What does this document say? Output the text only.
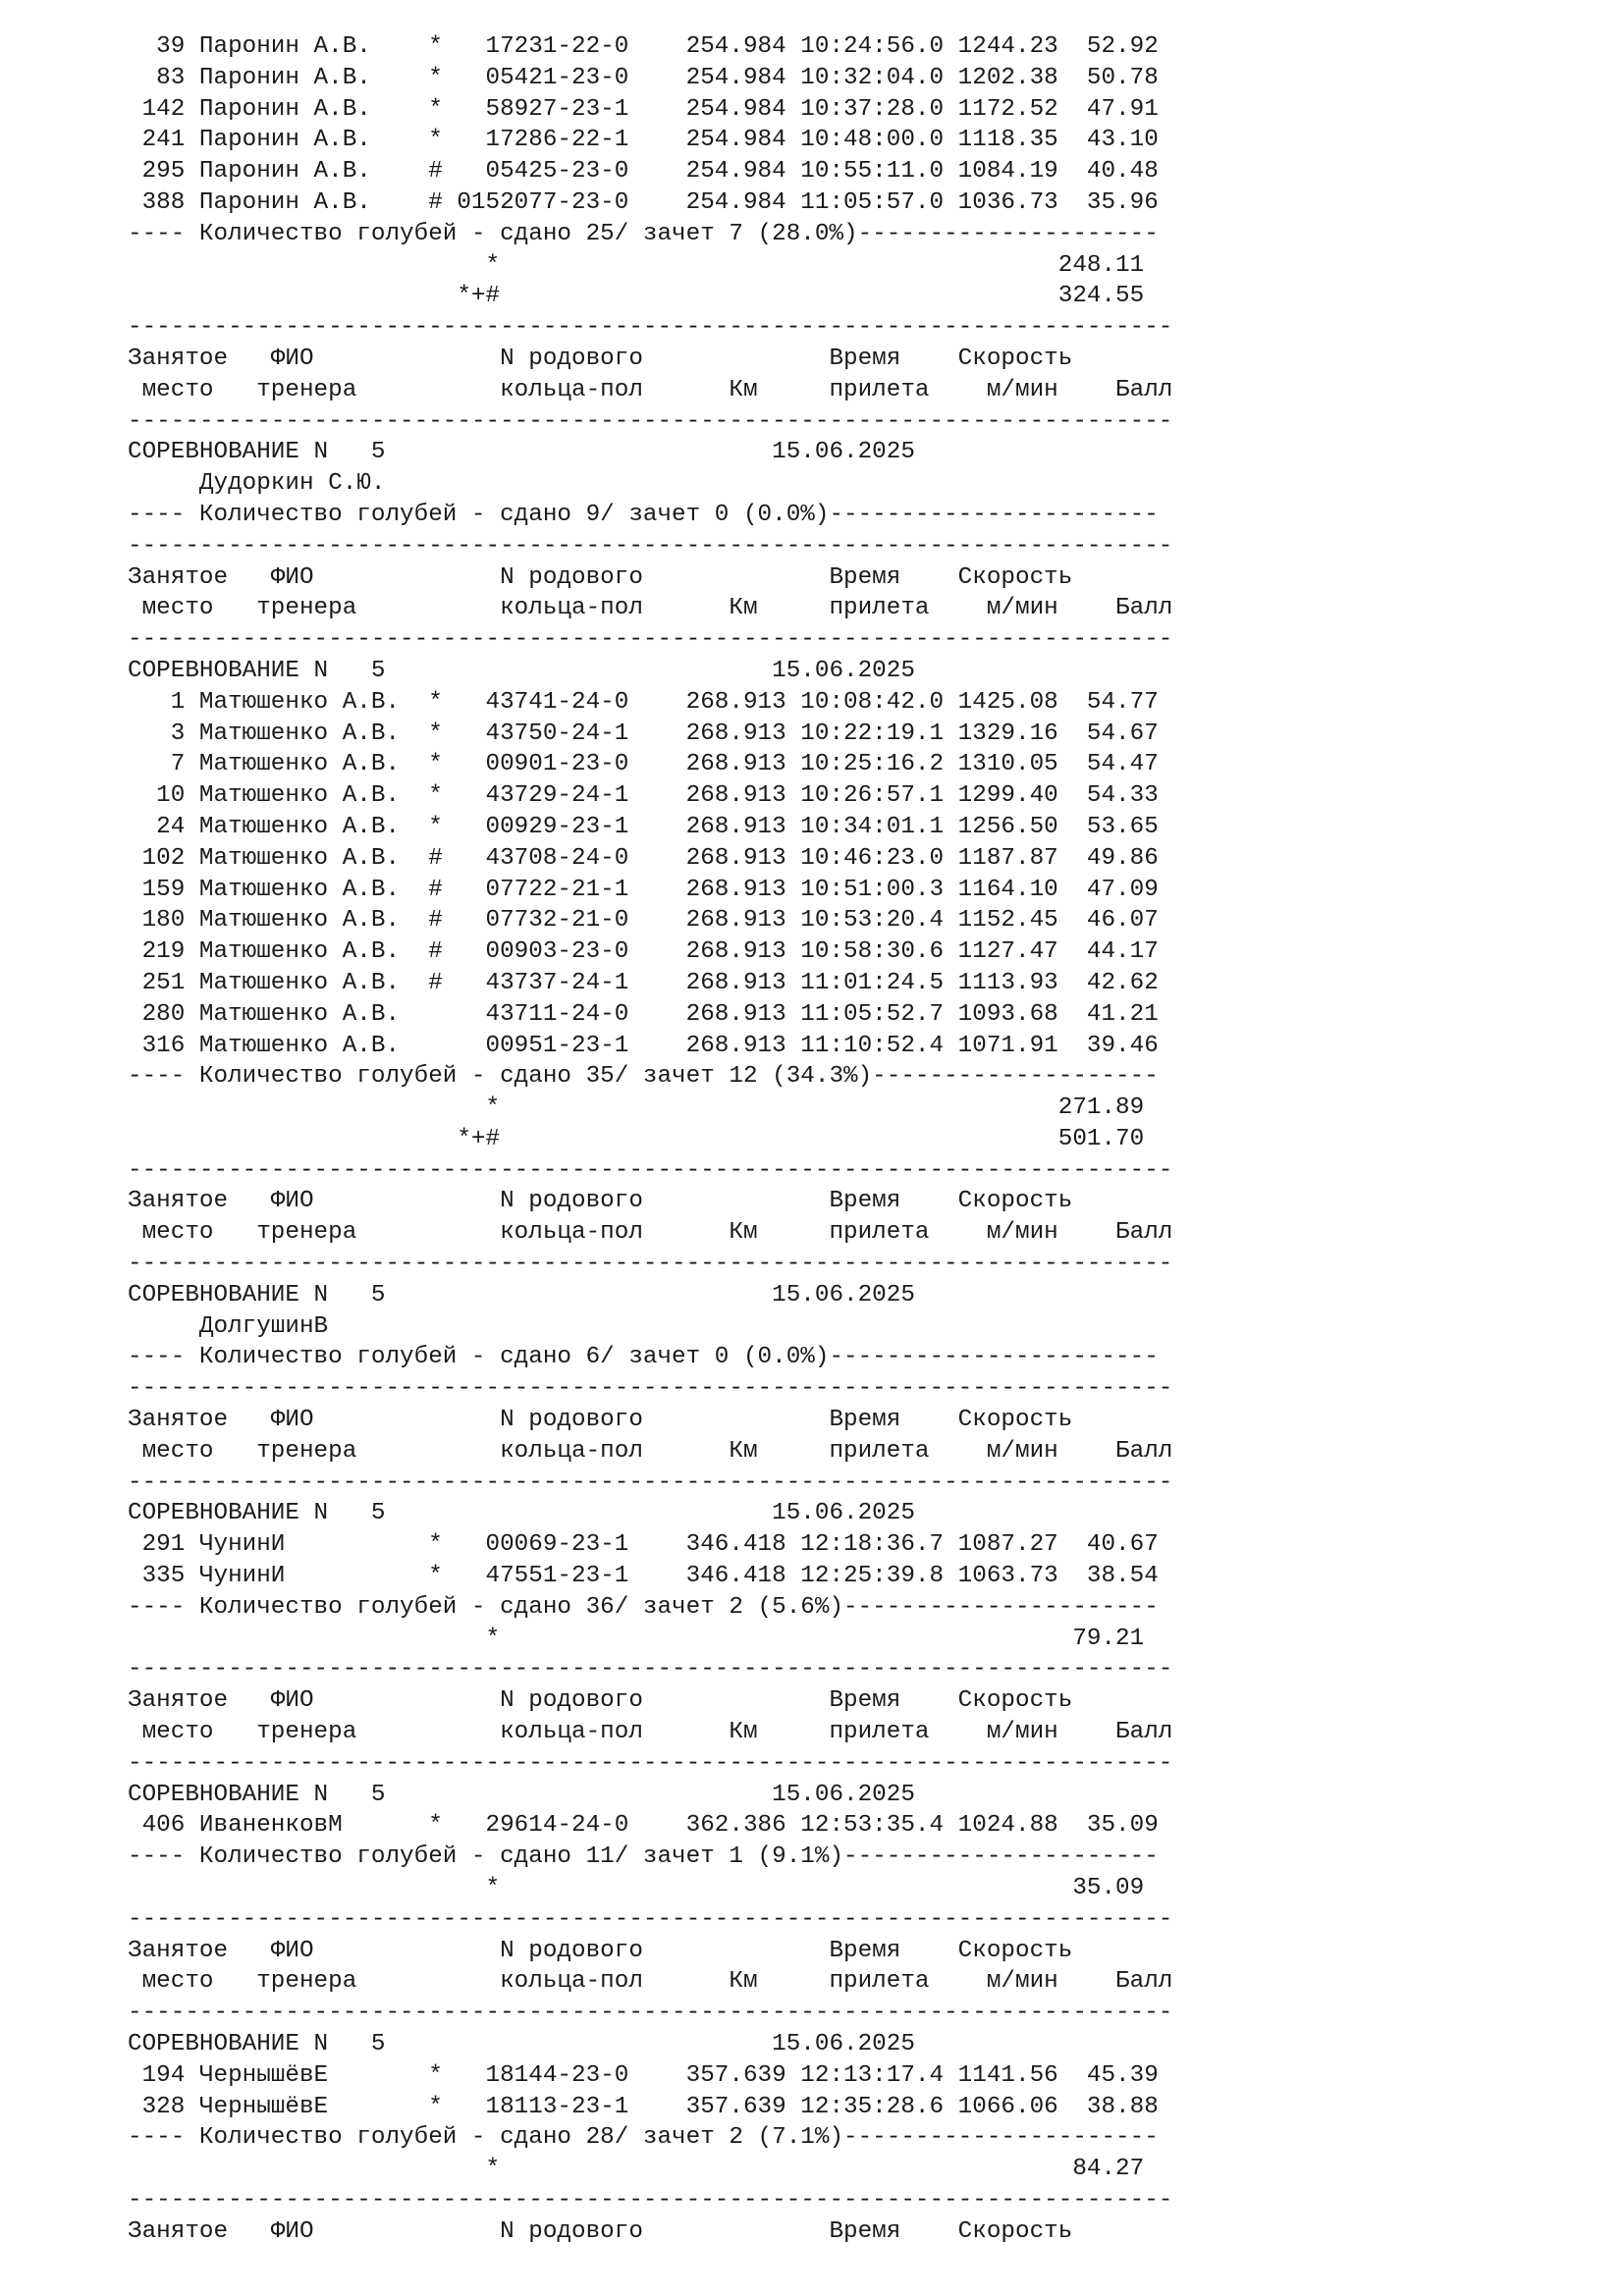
39 Паронин А.В.    *   17231-22-0    254.984 10:24:56.0 1244.23  52.92
83 Паронин А.В.    *   05421-23-0    254.984 10:32:04.0 1202.38  50.78
142 Паронин А.В.    *   58927-23-1    254.984 10:37:28.0 1172.52  47.91
241 Паронин А.В.    *   17286-22-1    254.984 10:48:00.0 1118.35  43.10
295 Паронин А.В.    #   05425-23-0    254.984 10:55:11.0 1084.19  40.48
388 Паронин А.В.    # 0152077-23-0    254.984 11:05:57.0 1036.73  35.96
---- Количество голубей - сдано 25/ зачет 7 (28.0%)---------------------
*                                       248.11
*+#                                       324.55
-------------------------------------------------------------------------
Занятое   ФИО             N родового             Время    Скорость
место   тренера          кольца-пол      Км     прилета    м/мин    Балл
-------------------------------------------------------------------------
СОРЕВНОВАНИЕ N   5                           15.06.2025
Дудоркин С.Ю.
---- Количество голубей - сдано 9/ зачет 0 (0.0%)-----------------------
-------------------------------------------------------------------------
Занятое   ФИО             N родового             Время    Скорость
место   тренера          кольца-пол      Км     прилета    м/мин    Балл
-------------------------------------------------------------------------
СОРЕВНОВАНИЕ N   5                           15.06.2025
1 Матюшенко А.В.  *   43741-24-0    268.913 10:08:42.0 1425.08  54.77
3 Матюшенко А.В.  *   43750-24-1    268.913 10:22:19.1 1329.16  54.67
7 Матюшенко А.В.  *   00901-23-0    268.913 10:25:16.2 1310.05  54.47
10 Матюшенко А.В.  *   43729-24-1    268.913 10:26:57.1 1299.40  54.33
24 Матюшенко А.В.  *   00929-23-1    268.913 10:34:01.1 1256.50  53.65
102 Матюшенко А.В.  #   43708-24-0    268.913 10:46:23.0 1187.87  49.86
159 Матюшенко А.В.  #   07722-21-1    268.913 10:51:00.3 1164.10  47.09
180 Матюшенко А.В.  #   07732-21-0    268.913 10:53:20.4 1152.45  46.07
219 Матюшенко А.В.  #   00903-23-0    268.913 10:58:30.6 1127.47  44.17
251 Матюшенко А.В.  #   43737-24-1    268.913 11:01:24.5 1113.93  42.62
280 Матюшенко А.В.      43711-24-0    268.913 11:05:52.7 1093.68  41.21
316 Матюшенко А.В.      00951-23-1    268.913 11:10:52.4 1071.91  39.46
---- Количество голубей - сдано 35/ зачет 12 (34.3%)--------------------
*                                       271.89
*+#                                       501.70
-------------------------------------------------------------------------
Занятое   ФИО             N родового             Время    Скорость
место   тренера          кольца-пол      Км     прилета    м/мин    Балл
-------------------------------------------------------------------------
СОРЕВНОВАНИЕ N   5                           15.06.2025
ДолгушинВ
---- Количество голубей - сдано 6/ зачет 0 (0.0%)-----------------------
-------------------------------------------------------------------------
Занятое   ФИО             N родового             Время    Скорость
место   тренера          кольца-пол      Км     прилета    м/мин    Балл
-------------------------------------------------------------------------
СОРЕВНОВАНИЕ N   5                           15.06.2025
291 ЧунинИ          *   00069-23-1    346.418 12:18:36.7 1087.27  40.67
335 ЧунинИ          *   47551-23-1    346.418 12:25:39.8 1063.73  38.54
---- Количество голубей - сдано 36/ зачет 2 (5.6%)----------------------
*                                        79.21
-------------------------------------------------------------------------
Занятое   ФИО             N родового             Время    Скорость
место   тренера          кольца-пол      Км     прилета    м/мин    Балл
-------------------------------------------------------------------------
СОРЕВНОВАНИЕ N   5                           15.06.2025
406 ИваненковМ      *   29614-24-0    362.386 12:53:35.4 1024.88  35.09
---- Количество голубей - сдано 11/ зачет 1 (9.1%)----------------------
*                                        35.09
-------------------------------------------------------------------------
Занятое   ФИО             N родового             Время    Скорость
место   тренера          кольца-пол      Км     прилета    м/мин    Балл
-------------------------------------------------------------------------
СОРЕВНОВАНИЕ N   5                           15.06.2025
194 ЧернышёвЕ       *   18144-23-0    357.639 12:13:17.4 1141.56  45.39
328 ЧернышёвЕ       *   18113-23-1    357.639 12:35:28.6 1066.06  38.88
---- Количество голубей - сдано 28/ зачет 2 (7.1%)----------------------
*                                        84.27
-------------------------------------------------------------------------
Занятое   ФИО             N родового             Время    Скорость
